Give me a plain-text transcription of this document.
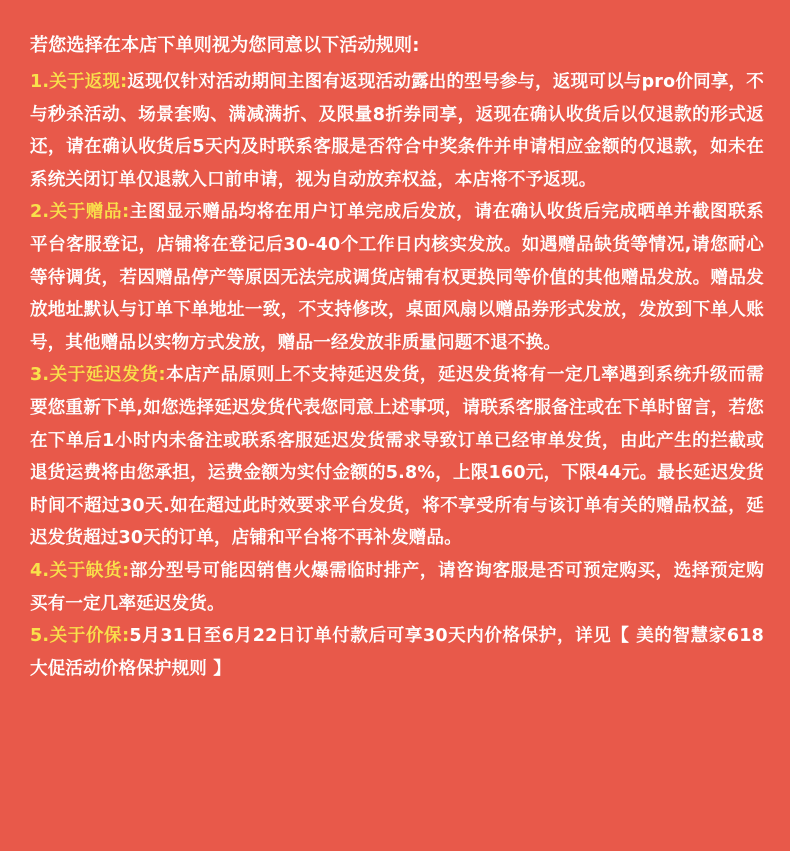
若您选择在本店下单则视为您同意以下活动规则:

1.关于返现:返现仅针对活动期间主图有返现活动露出的型号参与，返现可以与pro价同享，不与秒杀活动、场景套购、满减满折、及限量8折券同享，返现在确认收货后以仅退款的形式返还，请在确认收货后5天内及时联系客服是否符合中奖条件并申请相应金额的仅退款，如未在系统关闭订单仅退款入口前申请，视为自动放弃权益，本店将不予返现。

2.关于赠品:主图显示赠品均将在用户订单完成后发放，请在确认收货后完成晒单并截图联系平台客服登记，店铺将在登记后30-40个工作日内核实发放。如遇赠品缺货等情况,请您耐心等待调货，若因赠品停产等原因无法完成调货店铺有权更换同等价值的其他赠品发放。赠品发放地址默认与订单下单地址一致，不支持修改，桌面风扇以赠品券形式发放，发放到下单人账号，其他赠品以实物方式发放，赠品一经发放非质量问题不退不换。

3.关于延迟发货:本店产品原则上不支持延迟发货，延迟发货将有一定几率遇到系统升级而需要您重新下单,如您选择延迟发货代表您同意上述事项，请联系客服备注或在下单时留言，若您在下单后1小时内未备注或联系客服延迟发货需求导致订单已经审单发货，由此产生的拦截或退货运费将由您承担，运费金额为实付金额的5.8%，上限160元，下限44元。最长延迟发货时间不超过30天.如在超过此时效要求平台发货，将不享受所有与该订单有关的赠品权益，延迟发货超过30天的订单，店铺和平台将不再补发赠品。

4.关于缺货:部分型号可能因销售火爆需临时排产，请咨询客服是否可预定购买，选择预定购买有一定几率延迟发货。

5.关于价保:5月31日至6月22日订单付款后可享30天内价格保护，详见【 美的智慧家618大促活动价格保护规则 】
